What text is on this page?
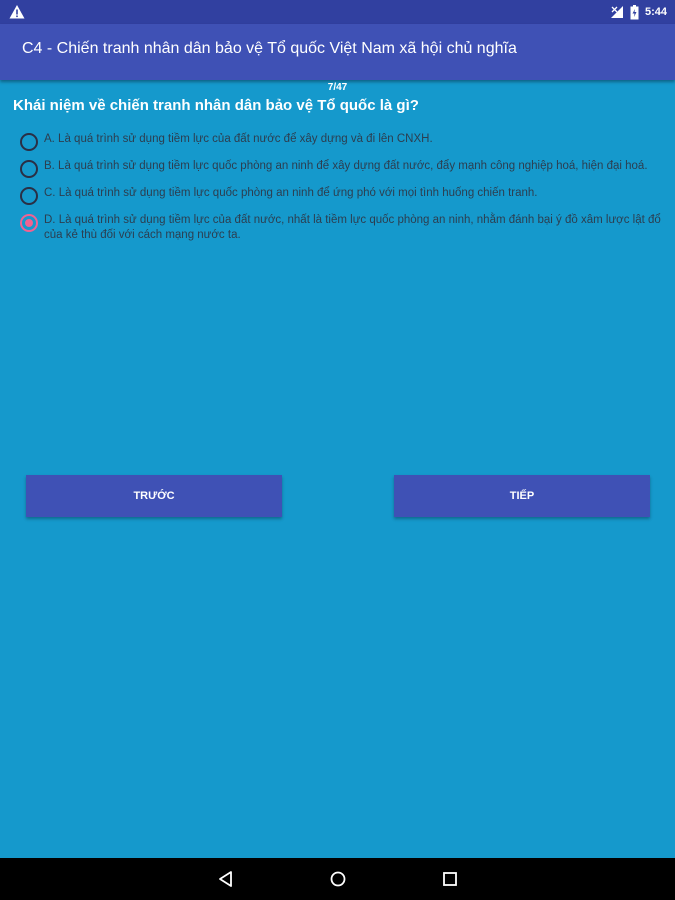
5:44
C4 - Chiến tranh nhân dân bảo vệ Tổ quốc Việt Nam xã hội chủ nghĩa
7/47
Khái niệm về chiến tranh nhân dân bảo vệ Tổ quốc là gì?
A. Là quá trình sử dụng tiềm lực của đất nước để xây dựng và đi lên CNXH.
B. Là quá trình sử dụng tiềm lực quốc phòng an ninh để xây dựng đất nước, đẩy mạnh công nghiệp hoá, hiện đại hoá.
C. Là quá trình sử dụng tiềm lực quốc phòng an ninh để ứng phó với mọi tình huống chiến tranh.
D. Là quá trình sử dụng tiềm lực của đất nước, nhất là tiềm lực quốc phòng an ninh, nhằm đánh bại ý đồ xâm lược lật đổ của kẻ thù đối với cách mạng nước ta.
TRƯỚC	TIẾP
